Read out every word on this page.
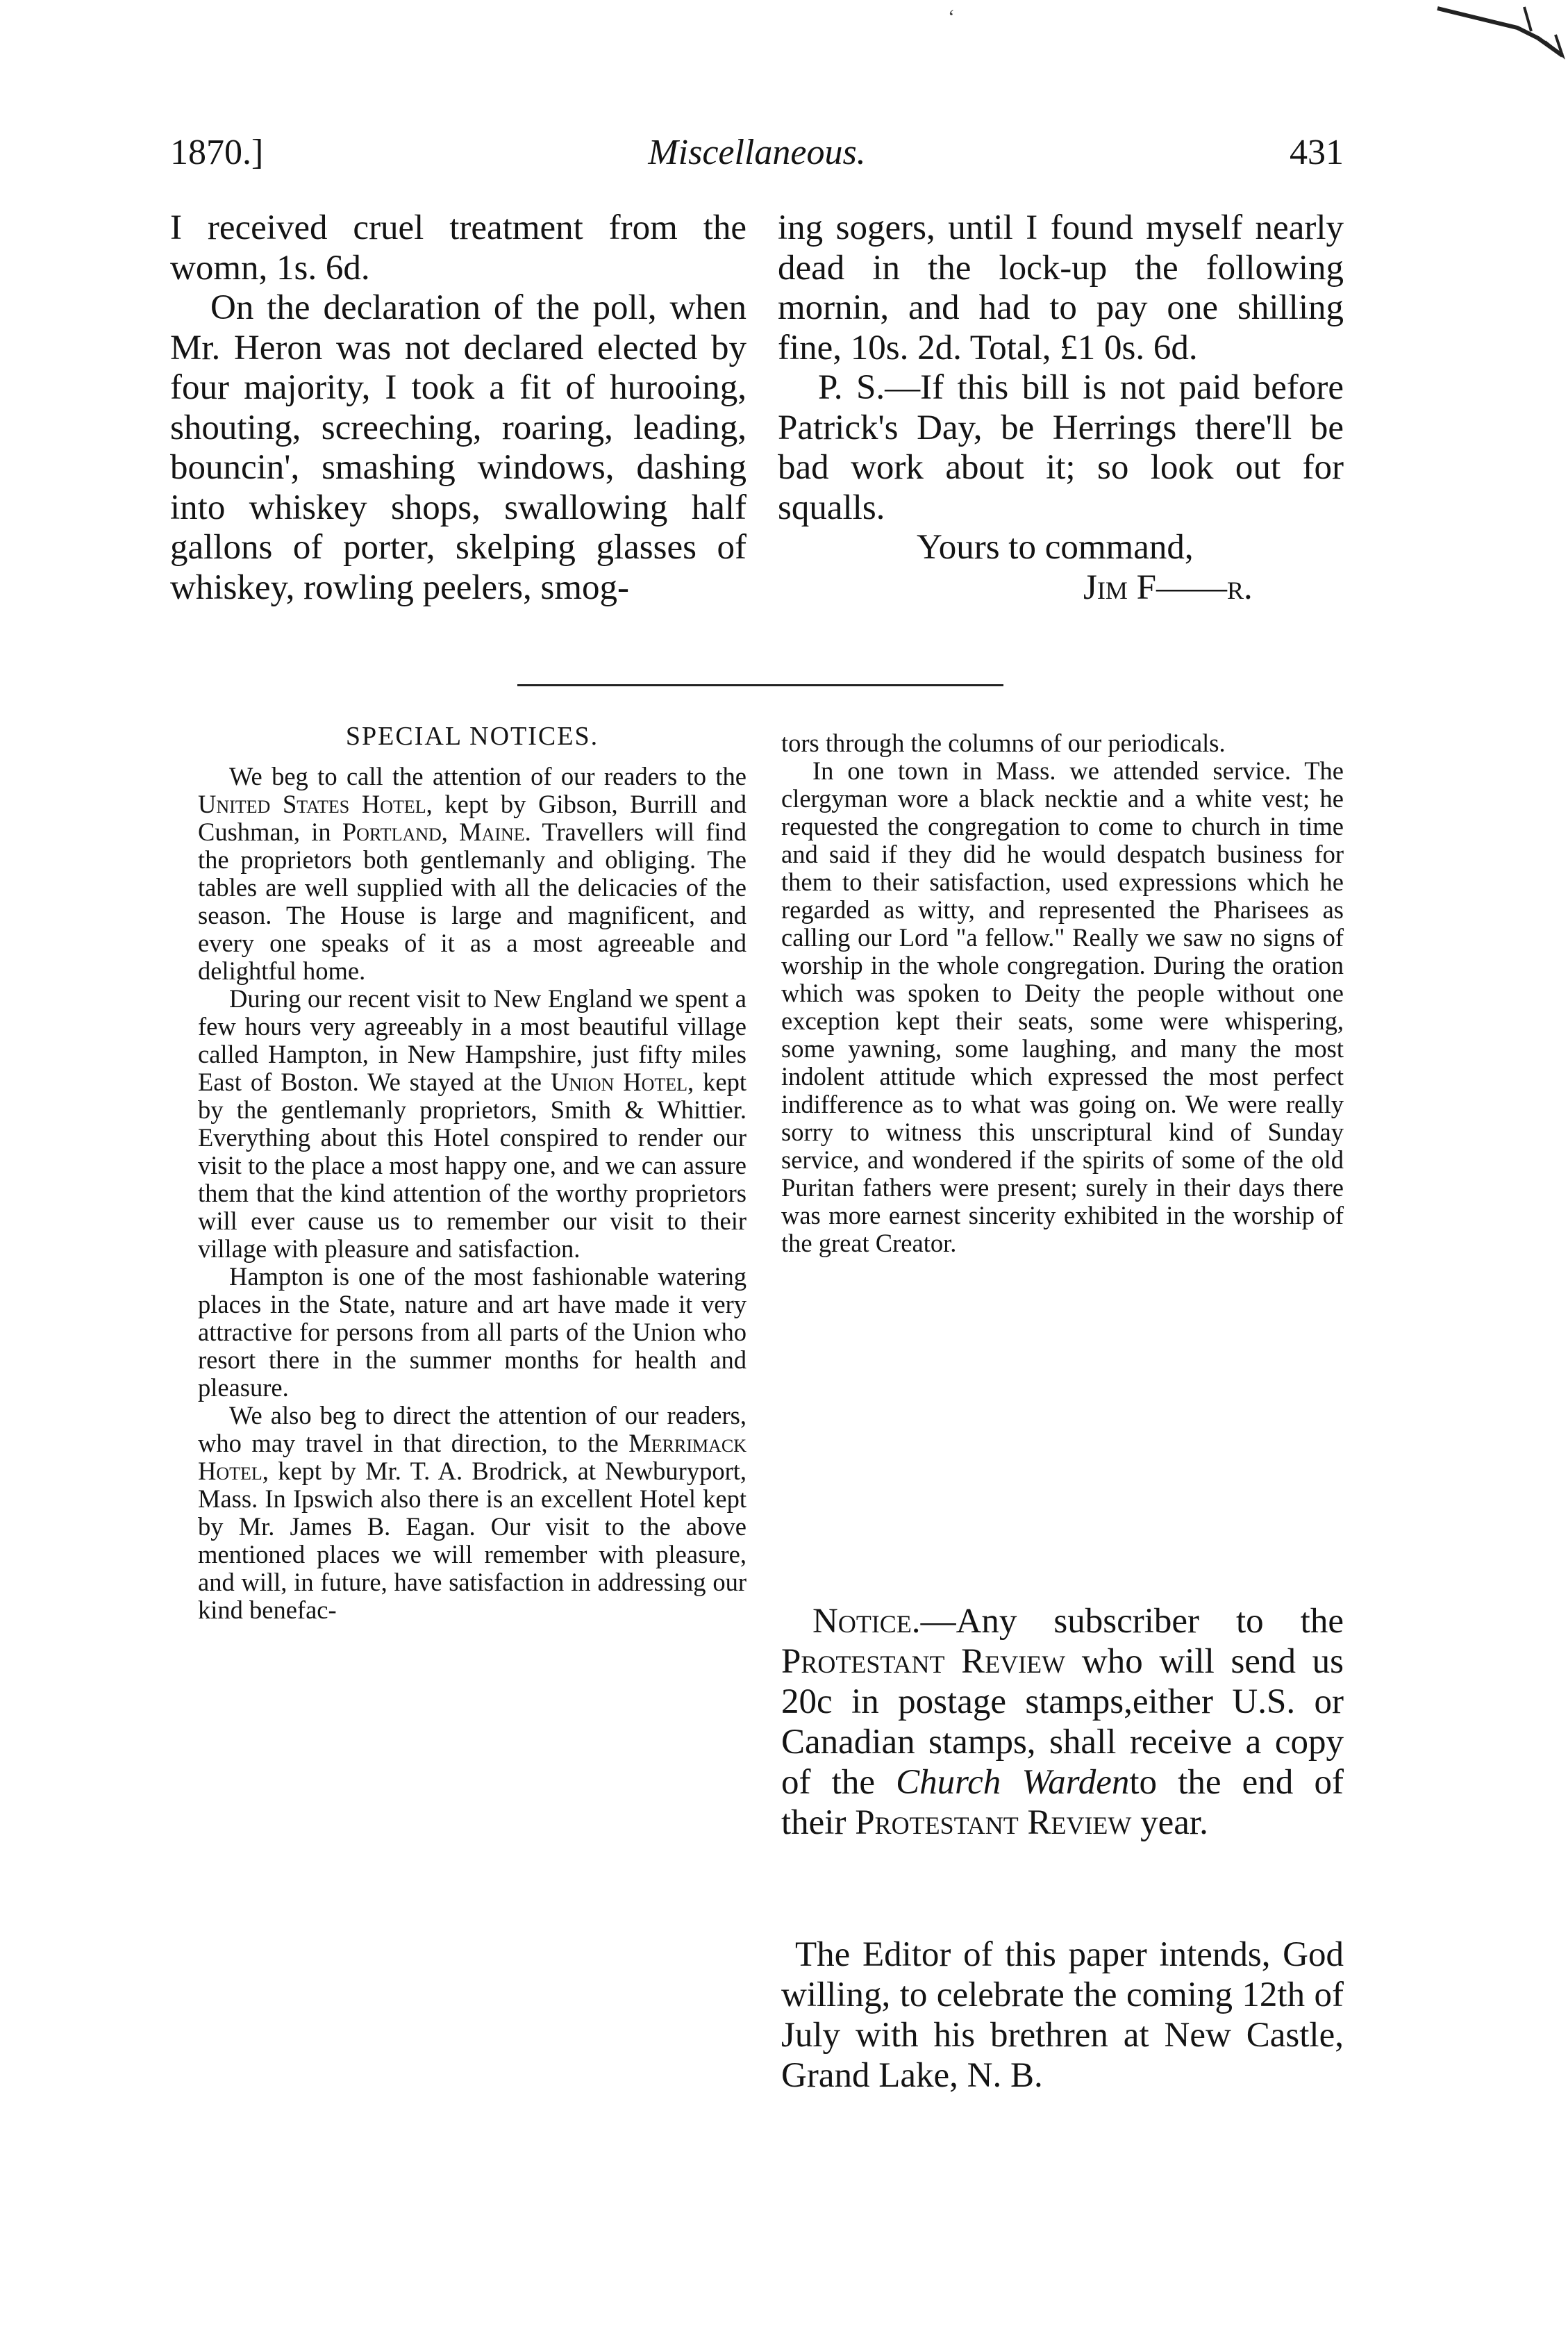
ʻ
1870.]	Miscellaneous.	431

I received cruel treatment from the womn, 1s. 6d.

On the declaration of the poll, when Mr. Heron was not declared elected by four majority, I took a fit of hurooing, shouting, screeching, roaring, leading, bouncin', smashing windows, dashing into whiskey shops, swallowing half gallons of porter, skelping glasses of whiskey, rowling peelers, smog-

ing sogers, until I found myself nearly dead in the lock-up the following mornin, and had to pay one shilling fine, 10s. 2d. Total, £1 0s. 6d.

P. S.—If this bill is not paid before Patrick's Day, be Herrings there'll be bad work about it; so look out for squalls.

Yours to command,

Jim F——r.

SPECIAL NOTICES.

We beg to call the attention of our readers to the United States Hotel, kept by Gibson, Burrill and Cushman, in Portland, Maine. Travellers will find the proprietors both gentlemanly and obliging. The tables are well supplied with all the delicacies of the season. The House is large and magnificent, and every one speaks of it as a most agreeable and delightful home.

During our recent visit to New England we spent a few hours very agreeably in a most beautiful village called Hampton, in New Hampshire, just fifty miles East of Boston. We stayed at the Union Hotel, kept by the gentlemanly proprietors, Smith & Whittier. Everything about this Hotel conspired to render our visit to the place a most happy one, and we can assure them that the kind attention of the worthy proprietors will ever cause us to remember our visit to their village with pleasure and satisfaction.

Hampton is one of the most fashionable watering places in the State, nature and art have made it very attractive for persons from all parts of the Union who resort there in the summer months for health and pleasure.

We also beg to direct the attention of our readers, who may travel in that direction, to the Merrimack Hotel, kept by Mr. T. A. Brodrick, at Newburyport, Mass. In Ipswich also there is an excellent Hotel kept by Mr. James B. Eagan. Our visit to the above mentioned places we will remember with pleasure, and will, in future, have satisfaction in addressing our kind benefac-

tors through the columns of our periodicals.

In one town in Mass. we attended service. The clergyman wore a black necktie and a white vest; he requested the congregation to come to church in time and said if they did he would despatch business for them to their satisfaction, used expressions which he regarded as witty, and represented the Pharisees as calling our Lord "a fellow." Really we saw no signs of worship in the whole congregation. During the oration which was spoken to Deity the people without one exception kept their seats, some were whispering, some yawning, some laughing, and many the most indolent attitude which expressed the most perfect indifference as to what was going on. We were really sorry to witness this unscriptural kind of Sunday service, and wondered if the spirits of some of the old Puritan fathers were present; surely in their days there was more earnest sincerity exhibited in the worship of the great Creator.

Notice.—Any subscriber to the Protestant Review who will send us 20c in postage stamps,either U.S. or Canadian stamps, shall receive a copy of the Church Wardento the end of their Protestant Review year.

The Editor of this paper intends, God willing, to celebrate the coming 12th of July with his brethren at New Castle, Grand Lake, N. B.
